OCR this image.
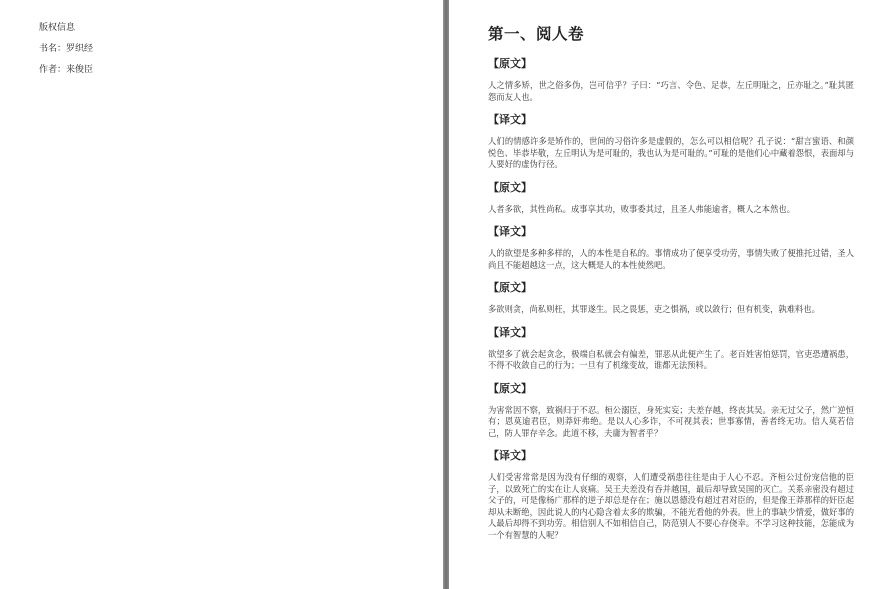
版权信息
书名：罗织经
作者：来俊臣
第一、阅人卷
【原文】
人之情多矫，世之俗多伪，岂可信乎？子曰：“巧言、令色、足恭，左丘明耻之，丘亦耻之。”耻其匿怨而友人也。
【译文】
人们的情感许多是矫作的，世间的习俗许多是虚假的，怎么可以相信呢？孔子说：“甜言蜜语、和颜悦色、毕恭毕敬，左丘明认为是可耻的，我也认为是可耻的。”可耻的是他们心中藏着怨恨，表面却与人要好的虚伪行径。
【原文】
人者多欲，其性尚私。成事享其功，败事委其过，且圣人弗能逾者，概人之本然也。
【译文】
人的欲望是多种多样的，人的本性是自私的。事情成功了便享受功劳，事情失败了便推托过错，圣人尚且不能超越这一点，这大概是人的本性使然吧。
【原文】
多欲则贪，尚私则枉，其罪遂生。民之畏惩，吏之惧祸，或以敛行；但有机变，孰难料也。
【译文】
欲望多了就会起贪念，极端自私就会有偏差，罪恶从此便产生了。老百姓害怕惩罚，官吏恐遭祸患，不得不收敛自己的行为；一旦有了机缘变故，谁都无法预料。
【原文】
为害常因不察，致祸归于不忍。桓公溺臣，身死实妄；夫差存越，终丧其吴。亲无过父子，然广逆恒有；恩莫逾君臣，则莽奸弗绝。是以人心多诈，不可视其表；世事寡情，善者终无功。信人莫若信己，防人罪存辛念。此道不移，夫庸为智者乎？
【译文】
人们受害常常是因为没有仔细的观察，人们遭受祸患往往是由于人心不忍。齐桓公过份宠信他的臣子，以致死亡的实在让人哀痛。吴王夫差没有吞并越国，最后却导致吴国的灭亡。关系亲密没有超过父子的，可是像杨广那样的逆子却总是存在；施以恩德没有超过君对臣的，但是像王莽那样的奸臣起却从未断绝，因此说人的内心隐含着太多的欺骗，不能光看他的外表。世上的事缺少情爱，做好事的人最后却得不到功劳。相信别人不如相信自己，防范别人不要心存侥幸。不学习这种技能，怎能成为一个有智慧的人呢？
